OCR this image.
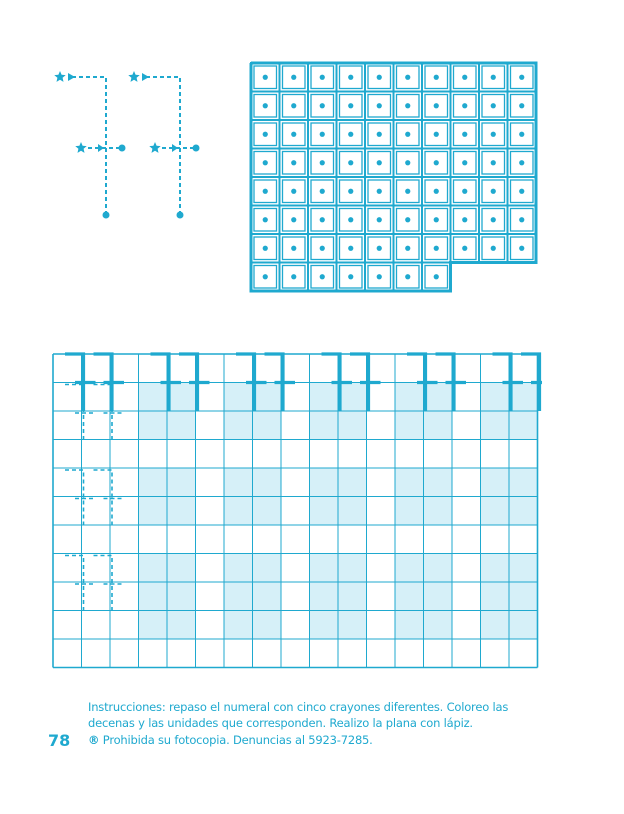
Instrucciones: repaso el numeral con cinco crayones diferentes. Coloreo las decenas y las unidades que corresponden. Realizo la plana con lápiz.
78 ® Prohibida su fotocopia. Denuncias al 5923-7285.
